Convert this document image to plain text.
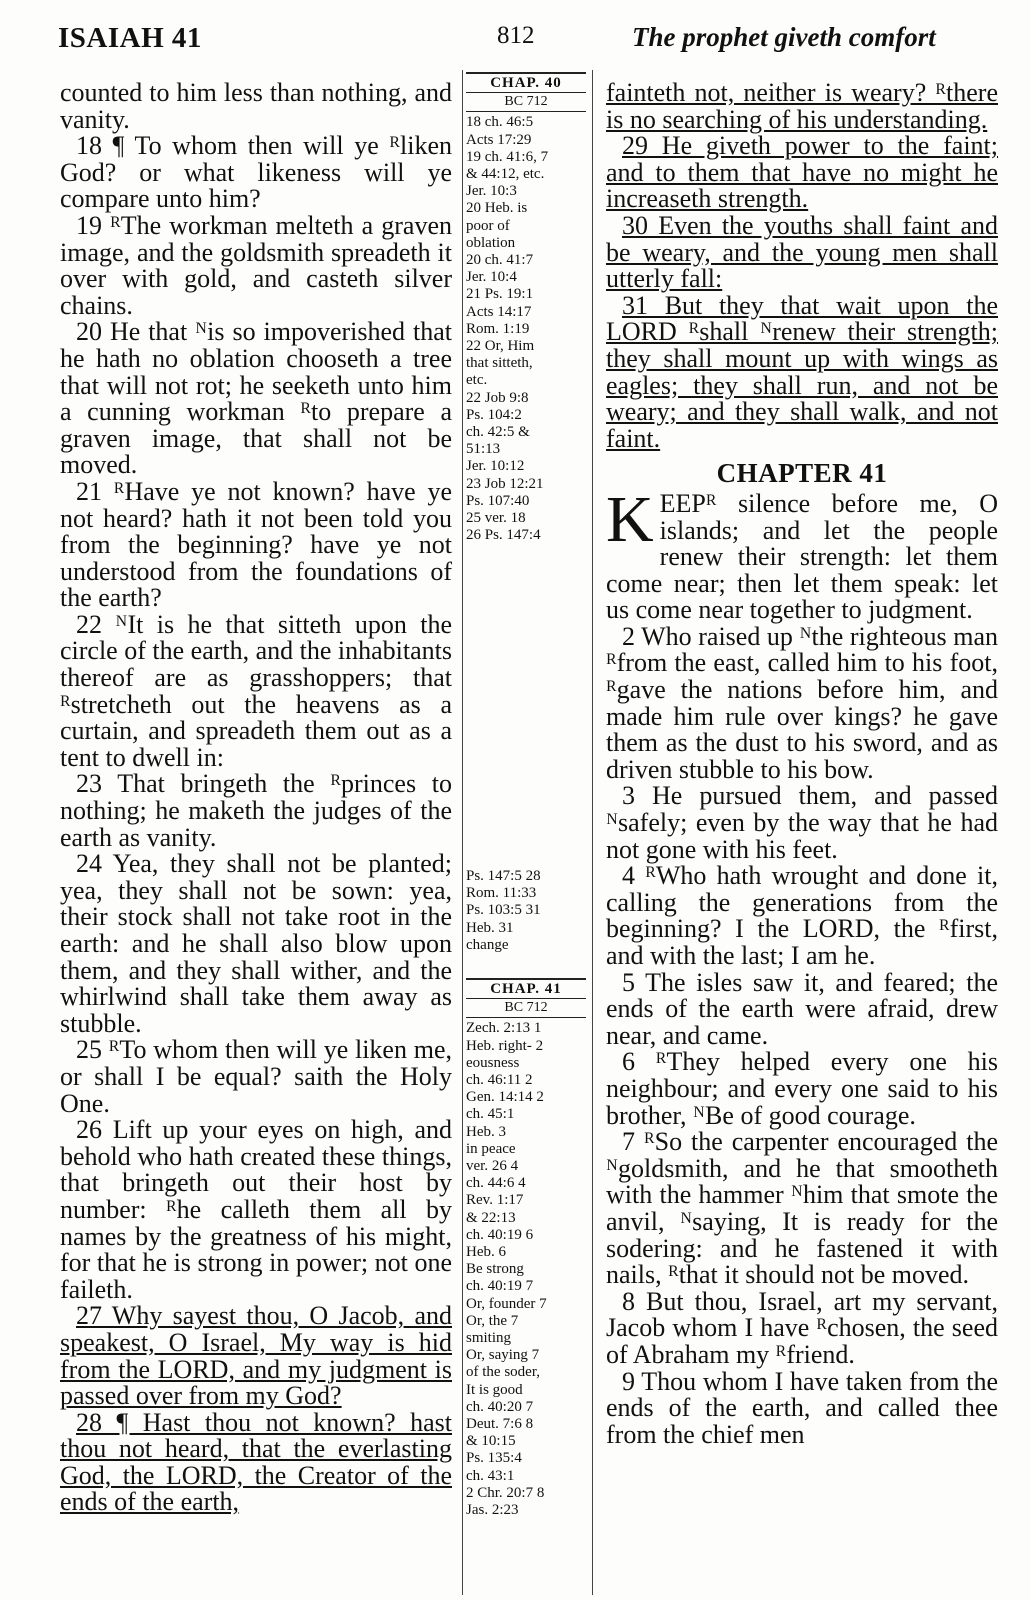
ISAIAH 41	812	The prophet giveth comfort

counted to him less than nothing, and vanity.

18 ¶ To whom then will ye ᴿliken God? or what likeness will ye compare unto him?

19 ᴿThe workman melteth a graven image, and the goldsmith spreadeth it over with gold, and casteth silver chains.

20 He that ᴺis so impoverished that he hath no oblation chooseth a tree that will not rot; he seeketh unto him a cunning workman ᴿto prepare a graven image, that shall not be moved.

21 ᴿHave ye not known? have ye not heard? hath it not been told you from the beginning? have ye not understood from the foundations of the earth?

22 ᴺIt is he that sitteth upon the circle of the earth, and the inhabitants thereof are as grasshoppers; that ᴿstretcheth out the heavens as a curtain, and spreadeth them out as a tent to dwell in:

23 That bringeth the ᴿprinces to nothing; he maketh the judges of the earth as vanity.

24 Yea, they shall not be planted; yea, they shall not be sown: yea, their stock shall not take root in the earth: and he shall also blow upon them, and they shall wither, and the whirlwind shall take them away as stubble.

25 ᴿTo whom then will ye liken me, or shall I be equal? saith the Holy One.

26 Lift up your eyes on high, and behold who hath created these things, that bringeth out their host by number: ᴿhe calleth them all by names by the greatness of his might, for that he is strong in power; not one faileth.

27 Why sayest thou, O Jacob, and speakest, O Israel, My way is hid from the LORD, and my judgment is passed over from my God?

28 ¶ Hast thou not known? hast thou not heard, that the everlasting God, the LORD, the Creator of the ends of the earth,

CHAP. 40
BC 712
18 ch. 46:5
Acts 17:29
19 ch. 41:6, 7
& 44:12, etc.
Jer. 10:3
20 Heb. is
poor of
oblation
20 ch. 41:7
Jer. 10:4
21 Ps. 19:1
Acts 14:17
Rom. 1:19
22 Or, Him
that sitteth,
etc.
22 Job 9:8
Ps. 104:2
ch. 42:5 &
51:13
Jer. 10:12
23 Job 12:21
Ps. 107:40
25 ver. 18
26 Ps. 147:4
Ps. 147:5 28
Rom. 11:33
Ps. 103:5 31
Heb. 31
change
CHAP. 41
BC 712
Zech. 2:13 1
Heb. right- 2
eousness
ch. 46:11 2
Gen. 14:14 2
ch. 45:1
Heb. 3
in peace
ver. 26 4
ch. 44:6 4
Rev. 1:17
& 22:13
ch. 40:19 6
Heb. 6
Be strong
ch. 40:19 7
Or, founder 7
Or, the 7
smiting
Or, saying 7
of the soder,
It is good
ch. 40:20 7
Deut. 7:6 8
& 10:15
Ps. 135:4
ch. 43:1
2 Chr. 20:7 8
Jas. 2:23

fainteth not, neither is weary? ᴿthere is no searching of his understanding.

29 He giveth power to the faint; and to them that have no might he increaseth strength.

30 Even the youths shall faint and be weary, and the young men shall utterly fall:

31 But they that wait upon the LORD ᴿshall ᴺrenew their strength; they shall mount up with wings as eagles; they shall run, and not be weary; and they shall walk, and not faint.

CHAPTER 41

KEEPᴿ silence before me, O islands; and let the people renew their strength: let them come near; then let them speak: let us come near together to judgment.

2 Who raised up ᴺthe righteous man ᴿfrom the east, called him to his foot, ᴿgave the nations before him, and made him rule over kings? he gave them as the dust to his sword, and as driven stubble to his bow.

3 He pursued them, and passed ᴺsafely; even by the way that he had not gone with his feet.

4 ᴿWho hath wrought and done it, calling the generations from the beginning? I the LORD, the ᴿfirst, and with the last; I am he.

5 The isles saw it, and feared; the ends of the earth were afraid, drew near, and came.

6 ᴿThey helped every one his neighbour; and every one said to his brother, ᴺBe of good courage.

7 ᴿSo the carpenter encouraged the ᴺgoldsmith, and he that smootheth with the hammer ᴺhim that smote the anvil, ᴺsaying, It is ready for the sodering: and he fastened it with nails, ᴿthat it should not be moved.

8 But thou, Israel, art my servant, Jacob whom I have ᴿchosen, the seed of Abraham my ᴿfriend.

9 Thou whom I have taken from the ends of the earth, and called thee from the chief men
